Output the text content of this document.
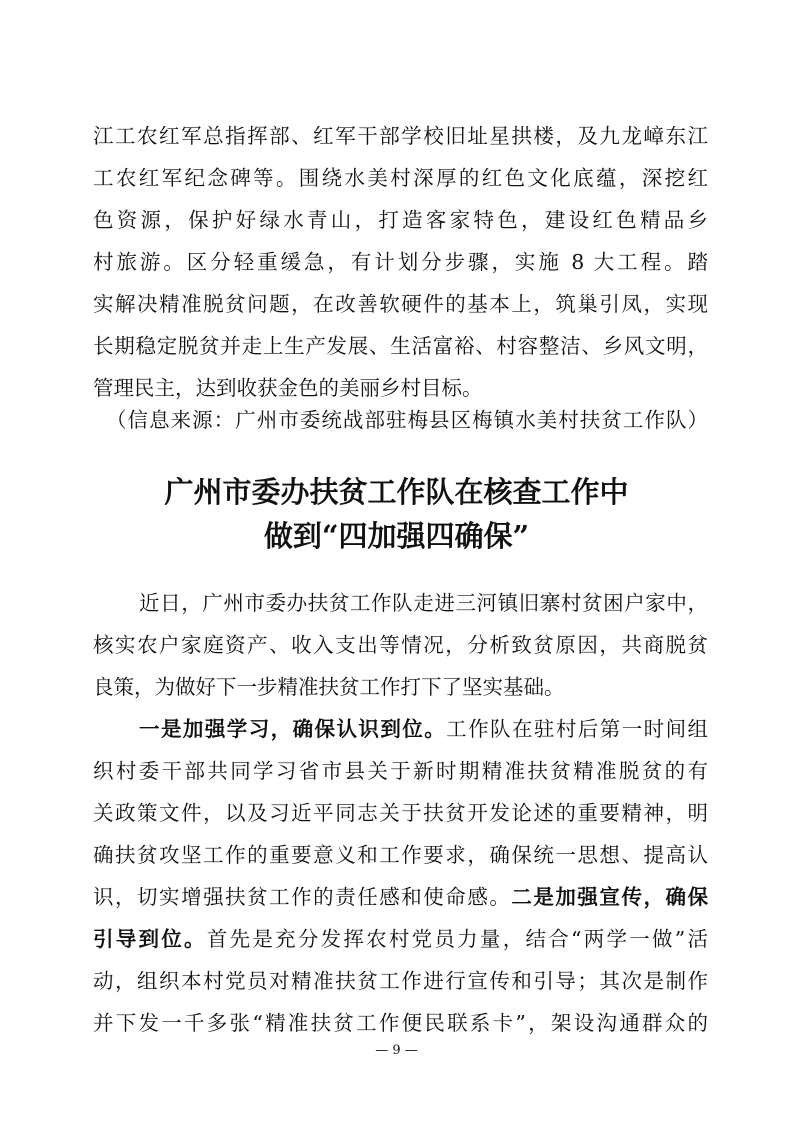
江工农红军总指挥部、红军干部学校旧址星拱楼，及九龙嶂东江
工农红军纪念碑等。围绕水美村深厚的红色文化底蕴，深挖红
色资源，保护好绿水青山，打造客家特色，建设红色精品乡
村旅游。区分轻重缓急，有计划分步骤，实施 8 大工程。踏
实解决精准脱贫问题，在改善软硬件的基本上，筑巢引凤，实现
长期稳定脱贫并走上生产发展、生活富裕、村容整洁、乡风文明，
管理民主，达到收获金色的美丽乡村目标。
（信息来源：广州市委统战部驻梅县区梅镇水美村扶贫工作队）
广州市委办扶贫工作队在核查工作中
做到“四加强四确保”
近日，广州市委办扶贫工作队走进三河镇旧寨村贫困户家中，
核实农户家庭资产、收入支出等情况，分析致贫原因，共商脱贫
良策，为做好下一步精准扶贫工作打下了坚实基础。
一是加强学习，确保认识到位。工作队在驻村后第一时间组
织村委干部共同学习省市县关于新时期精准扶贫精准脱贫的有
关政策文件，以及习近平同志关于扶贫开发论述的重要精神，明
确扶贫攻坚工作的重要意义和工作要求，确保统一思想、提高认
识，切实增强扶贫工作的责任感和使命感。二是加强宣传，确保
引导到位。首先是充分发挥农村党员力量，结合“两学一做”活
动，组织本村党员对精准扶贫工作进行宣传和引导；其次是制作
并下发一千多张“精准扶贫工作便民联系卡”，架设沟通群众的
— 9 —
